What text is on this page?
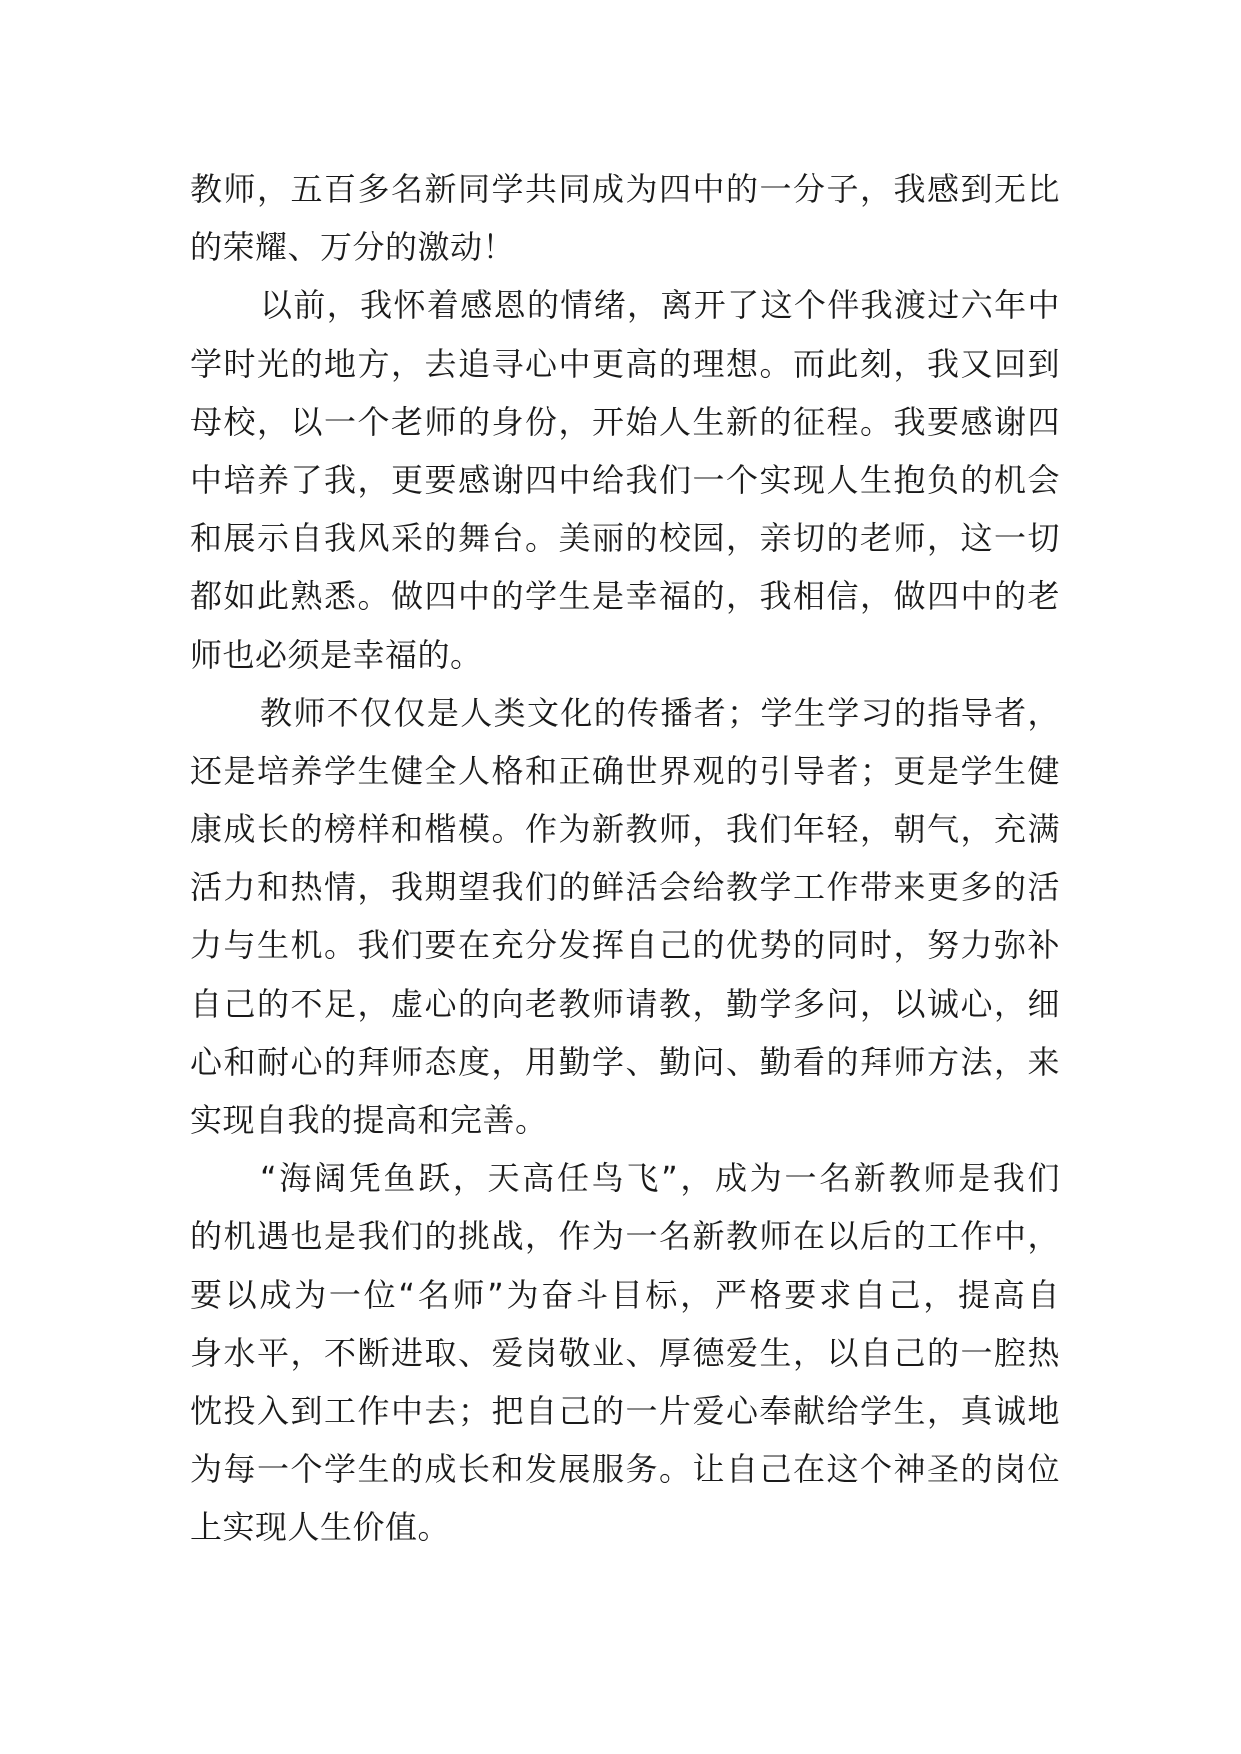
教师，五百多名新同学共同成为四中的一分子，我感到无比
的荣耀、万分的激动！
以前，我怀着感恩的情绪，离开了这个伴我渡过六年中
学时光的地方，去追寻心中更高的理想。而此刻，我又回到
母校，以一个老师的身份，开始人生新的征程。我要感谢四
中培养了我，更要感谢四中给我们一个实现人生抱负的机会
和展示自我风采的舞台。美丽的校园，亲切的老师，这一切
都如此熟悉。做四中的学生是幸福的，我相信，做四中的老
师也必须是幸福的。
教师不仅仅是人类文化的传播者；学生学习的指导者，
还是培养学生健全人格和正确世界观的引导者；更是学生健
康成长的榜样和楷模。作为新教师，我们年轻，朝气，充满
活力和热情，我期望我们的鲜活会给教学工作带来更多的活
力与生机。我们要在充分发挥自己的优势的同时，努力弥补
自己的不足，虚心的向老教师请教，勤学多问，以诚心，细
心和耐心的拜师态度，用勤学、勤问、勤看的拜师方法，来
实现自我的提高和完善。
“海阔凭鱼跃，天高任鸟飞”，成为一名新教师是我们
的机遇也是我们的挑战，作为一名新教师在以后的工作中，
要以成为一位“名师”为奋斗目标，严格要求自己，提高自
身水平，不断进取、爱岗敬业、厚德爱生，以自己的一腔热
忱投入到工作中去；把自己的一片爱心奉献给学生，真诚地
为每一个学生的成长和发展服务。让自己在这个神圣的岗位
上实现人生价值。
